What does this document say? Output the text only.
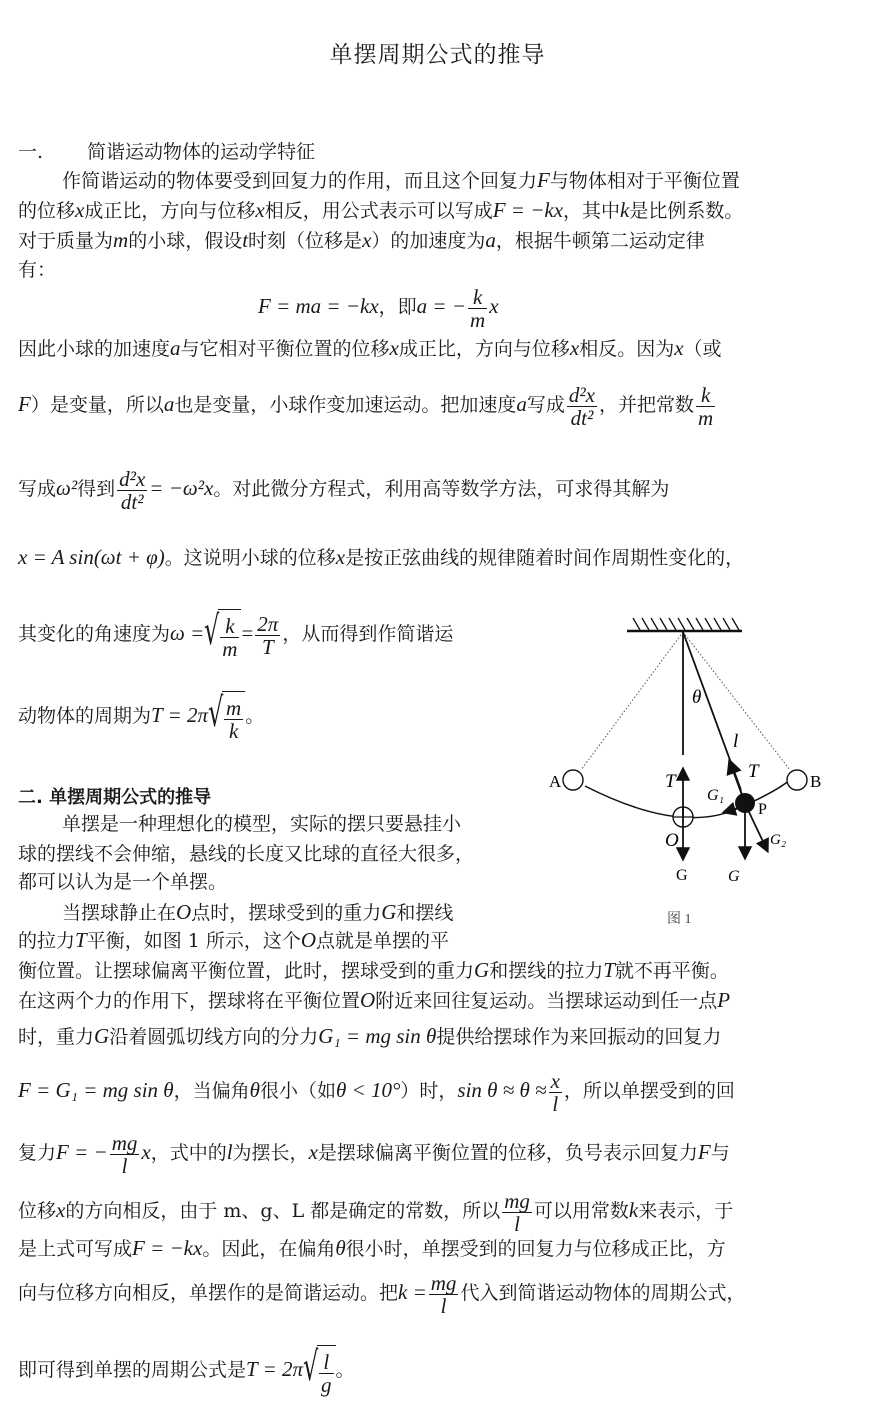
单摆周期公式的推导
一. 简谐运动物体的运动学特征
作简谐运动的物体要受到回复力的作用，而且这个回复力F与物体相对于平衡位置
的位移x成正比，方向与位移x相反，用公式表示可以写成F = −kx，其中k是比例系数。
对于质量为m的小球，假设t时刻（位移是x）的加速度为a，根据牛顿第二运动定律
有：
F = ma = −kx，即a = − $\frac{k}{m}$ x
因此小球的加速度a与它相对平衡位置的位移x成正比，方向与位移x相反。因为x（或
F）是变量，所以a也是变量，小球作变加速运动。把加速度a写成 $\frac{\text{d²x}}{\text{dt²}}$ ，并把常数 $\frac{k}{m}$
写成ω²得到 $\frac{\text{d²x}}{\text{dt²}} = -\omega^2x$。对此微分方程式，利用高等数学方法，可求得其解为
x = A sin(ωt + φ)。这说明小球的位移x是按正弦曲线的规律随着时间作周期性变化的，
其变化的角速度为ω = √ $\frac{k}{m} = \frac{2\pi}{T}$ ，从而得到作简谐运
动物体的周期为T = 2π √ $\frac{m}{k}$ 。
二. 单摆周期公式的推导
单摆是一种理想化的模型，实际的摆只要悬挂小
球的摆线不会伸缩，悬线的长度又比球的直径大很多，
都可以认为是一个单摆。
当摆球静止在O点时，摆球受到的重力G和摆线
的拉力T平衡，如图 1 所示，这个O点就是单摆的平
衡位置。让摆球偏离平衡位置，此时，摆球受到的重力G和摆线的拉力T就不再平衡。
在这两个力的作用下，摆球将在平衡位置O附近来回往复运动。当摆球运动到任一点P
时，重力G沿着圆弧切线方向的分力G₁ = mg sin θ提供给摆球作为来回振动的回复力
F = G₁ = mg sin θ，当偏角θ很小（如θ < 10°）时，$\sin \theta \approx \theta \approx \frac{x}{l}$ ，所以单摆受到的回
复力F = − $\frac{mg}{l}$ x，式中的l为摆长，x是摆球偏离平衡位置的位移，负号表示回复力F与
位移x的方向相反，由于 m、g、L 都是确定的常数，所以 $\frac{mg}{l}$ 可以用常数k来表示，于
是上式可写成F = −kx。因此，在偏角θ很小时，单摆受到的回复力与位移成正比，方
向与位移方向相反，单摆作的是简谐运动。把$k = \frac{mg}{l}$ 代入到简谐运动物体的周期公式，
即可得到单摆的周期公式是T = 2π √ $\frac{l}{g}$ 。
A	B
O
P
θ
l
T	T
G₁
G₂
G	G
图 1
